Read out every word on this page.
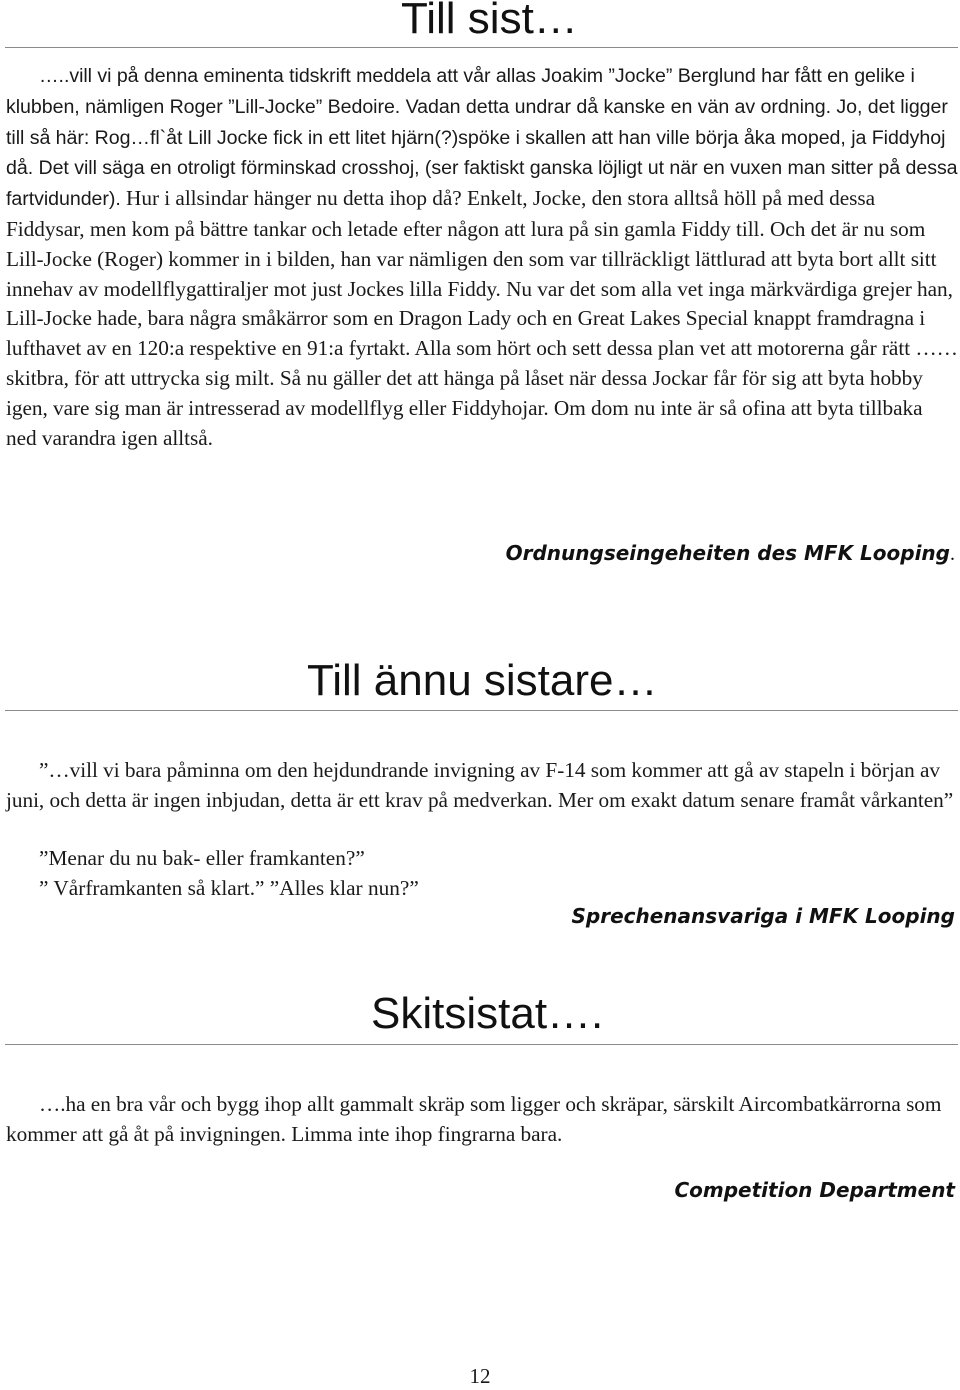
Till sist…

…..vill vi på denna eminenta tidskrift meddela att vår allas Joakim ”Jocke” Berglund har fått en gelike i klubben, nämligen Roger ”Lill-Jocke” Bedoire. Vadan detta undrar då kanske en vän av ordning. Jo, det ligger till så här: Rog…fl`åt Lill Jocke fick in ett litet hjärn(?)spöke i skallen att han ville börja åka moped, ja Fiddyhoj då. Det vill säga en otroligt förminskad crosshoj, (ser faktiskt ganska löjligt ut när en vuxen man sitter på dessa fartvidunder). Hur i allsindar hänger nu detta ihop då? Enkelt, Jocke, den stora alltså höll på med dessa Fiddysar, men kom på bättre tankar och letade efter någon att lura på sin gamla Fiddy till. Och det är nu som Lill-Jocke (Roger) kommer in i bilden, han var nämligen den som var tillräckligt lättlurad att byta bort allt sitt innehav av modellflygattiraljer mot just Jockes lilla Fiddy. Nu var det som alla vet inga märkvärdiga grejer han, Lill-Jocke hade, bara några småkärror som en Dragon Lady och en Great Lakes Special knappt framdragna i lufthavet av en 120:a respektive en 91:a fyrtakt. Alla som hört och sett dessa plan vet att motorerna går rätt ……skitbra, för att uttrycka sig milt. Så nu gäller det att hänga på låset när dessa Jockar får för sig att byta hobby igen, vare sig man är intresserad av modellflyg eller Fiddyhojar. Om dom nu inte är så ofina att byta tillbaka ned varandra igen alltså.

Ordnungseingeheiten des MFK Looping.

Till ännu sistare…

”…vill vi bara påminna om den hejdundrande invigning av F-14 som kommer att gå av stapeln i början av juni, och detta är ingen inbjudan, detta är ett krav på medverkan. Mer om exakt datum senare framåt vårkanten”

”Menar du nu bak- eller framkanten?”

” Vårframkanten så klart.” ”Alles klar nun?”

Sprechenansvariga i MFK Looping

Skitsistat….

….ha en bra vår och bygg ihop allt gammalt skräp som ligger och skräpar, särskilt Aircombatkärrorna som kommer att gå åt på invigningen. Limma inte ihop fingrarna bara.

Competition Department

12
